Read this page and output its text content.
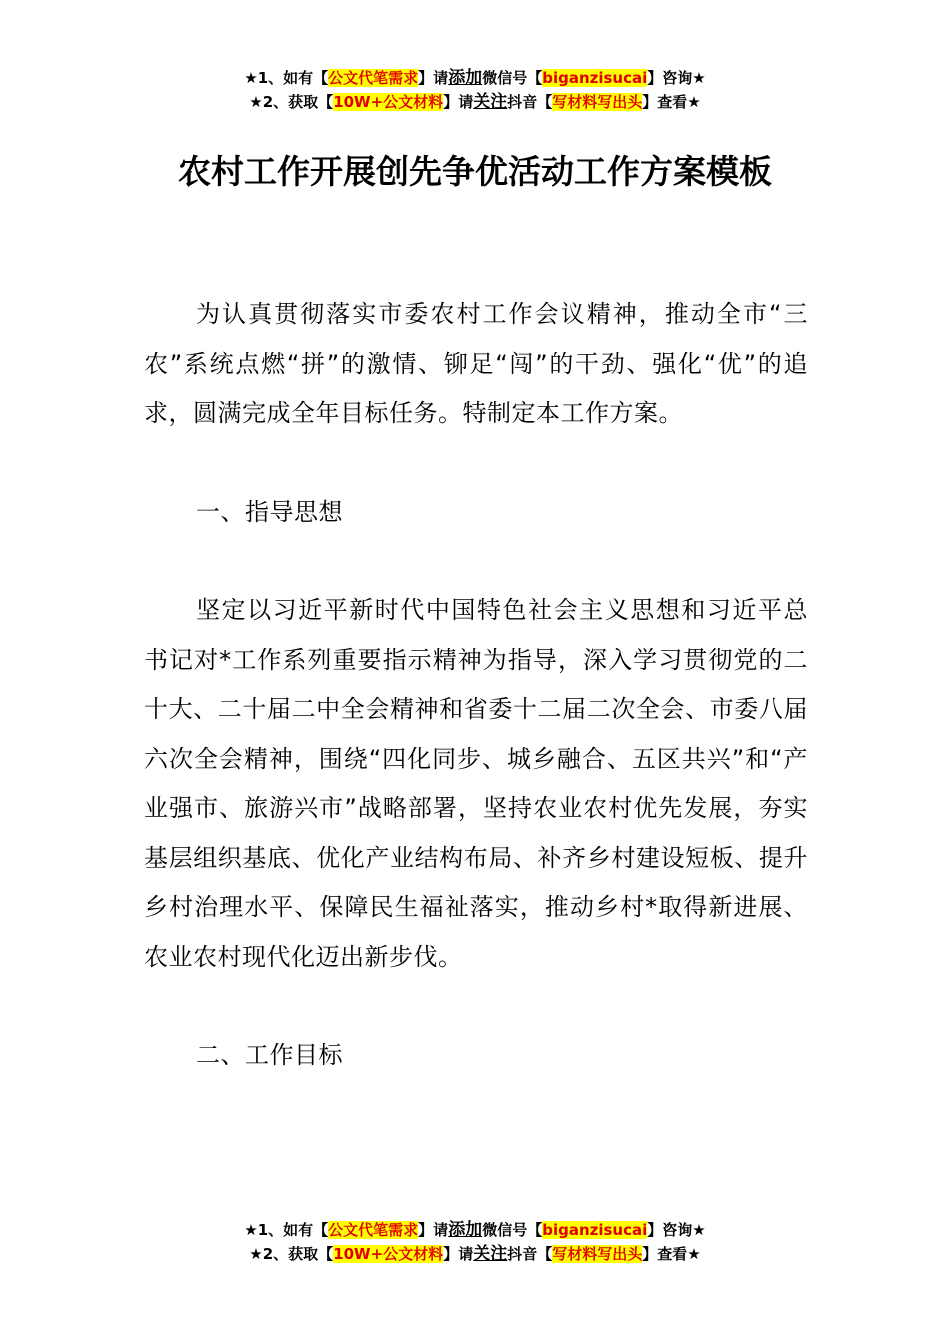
★1、如有【公文代笔需求】请添加微信号【biganzisucai】咨询★
★2、获取【10W+公文材料】请关注抖音【写材料写出头】查看★
农村工作开展创先争优活动工作方案模板

为认真贯彻落实市委农村工作会议精神，推动全市“三农”系统点燃“拼”的激情、铆足“闯”的干劲、强化“优”的追求，圆满完成全年目标任务。特制定本工作方案。

一、指导思想

坚定以习近平新时代中国特色社会主义思想和习近平总书记对*工作系列重要指示精神为指导，深入学习贯彻党的二十大、二十届二中全会精神和省委十二届二次全会、市委八届六次全会精神，围绕“四化同步、城乡融合、五区共兴”和“产业强市、旅游兴市”战略部署，坚持农业农村优先发展，夯实基层组织基底、优化产业结构布局、补齐乡村建设短板、提升乡村治理水平、保障民生福祉落实，推动乡村*取得新进展、农业农村现代化迈出新步伐。

二、工作目标

★1、如有【公文代笔需求】请添加微信号【biganzisucai】咨询★
★2、获取【10W+公文材料】请关注抖音【写材料写出头】查看★
